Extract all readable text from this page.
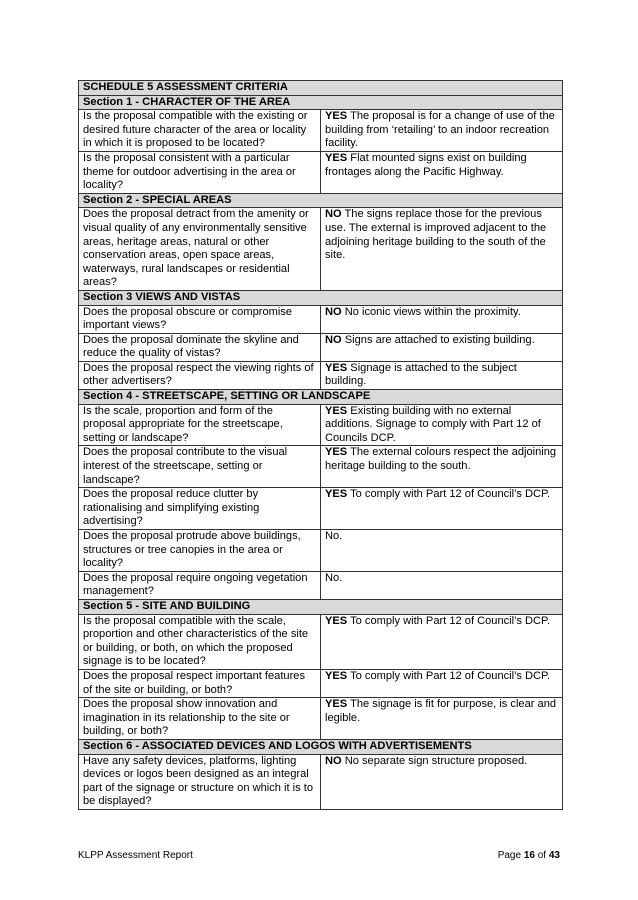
SCHEDULE 5 ASSESSMENT CRITERIA	
Section 1 - CHARACTER OF THE AREA	
Is the proposal compatible with the existing or desired future character of the area or locality in which it is proposed to be located?	YES The proposal is for a change of use of the building from ‘retailing’ to an indoor recreation facility.
Is the proposal consistent with a particular theme for outdoor advertising in the area or locality?	YES Flat mounted signs exist on building frontages along the Pacific Highway.
Section 2 - SPECIAL AREAS	
Does the proposal detract from the amenity or visual quality of any environmentally sensitive areas, heritage areas, natural or other conservation areas, open space areas, waterways, rural landscapes or residential areas?	NO The signs replace those for the previous use. The external is improved adjacent to the adjoining heritage building to the south of the site.
Section 3 VIEWS AND VISTAS	
Does the proposal obscure or compromise important views?	NO No iconic views within the proximity.
Does the proposal dominate the skyline and reduce the quality of vistas?	NO Signs are attached to existing building.
Does the proposal respect the viewing rights of other advertisers?	YES Signage is attached to the subject building.
Section 4 - STREETSCAPE, SETTING OR LANDSCAPE	
Is the scale, proportion and form of the proposal appropriate for the streetscape, setting or landscape?	YES Existing building with no external additions. Signage to comply with Part 12 of Councils DCP.
Does the proposal contribute to the visual interest of the streetscape, setting or landscape?	YES The external colours respect the adjoining heritage building to the south.
Does the proposal reduce clutter by rationalising and simplifying existing advertising?	YES To comply with Part 12 of Council’s DCP.
Does the proposal protrude above buildings, structures or tree canopies in the area or locality?	No.
Does the proposal require ongoing vegetation management?	No.
Section 5 - SITE AND BUILDING	
Is the proposal compatible with the scale, proportion and other characteristics of the site or building, or both, on which the proposed signage is to be located?	YES To comply with Part 12 of Council’s DCP.
Does the proposal respect important features of the site or building, or both?	YES To comply with Part 12 of Council’s DCP.
Does the proposal show innovation and imagination in its relationship to the site or building, or both?	YES The signage is fit for purpose, is clear and legible.
Section 6 - ASSOCIATED DEVICES AND LOGOS WITH ADVERTISEMENTS	
Have any safety devices, platforms, lighting devices or logos been designed as an integral part of the signage or structure on which it is to be displayed?	NO No separate sign structure proposed.
KLPP Assessment Report	Page 16 of 43
